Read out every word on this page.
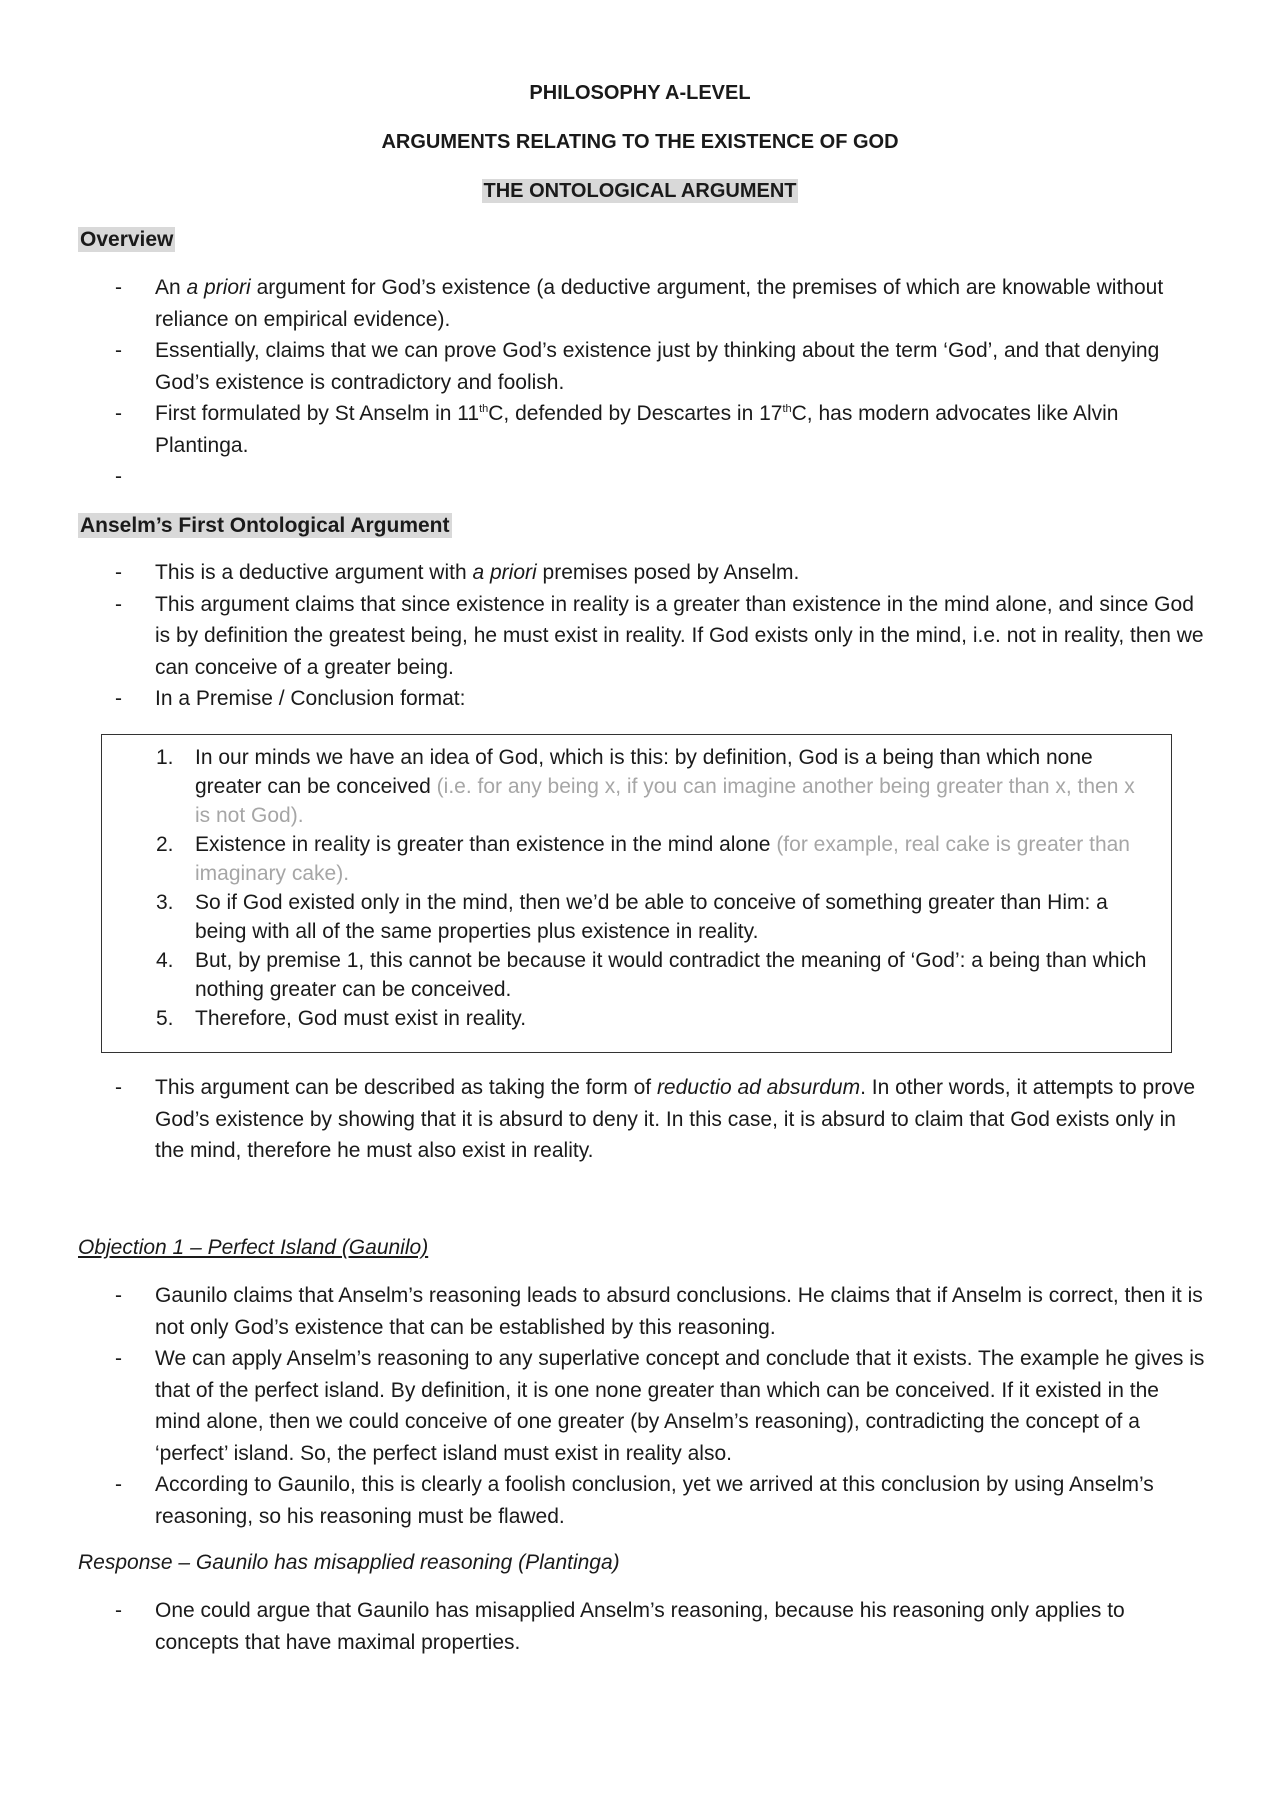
PHILOSOPHY A-LEVEL
ARGUMENTS RELATING TO THE EXISTENCE OF GOD
THE ONTOLOGICAL ARGUMENT
Overview
- An a priori argument for God’s existence (a deductive argument, the premises of which are knowable without reliance on empirical evidence).
- Essentially, claims that we can prove God’s existence just by thinking about the term ‘God’, and that denying God’s existence is contradictory and foolish.
- First formulated by St Anselm in 11thC, defended by Descartes in 17thC, has modern advocates like Alvin Plantinga.
-

Anselm’s First Ontological Argument
- This is a deductive argument with a priori premises posed by Anselm.
- This argument claims that since existence in reality is a greater than existence in the mind alone, and since God is by definition the greatest being, he must exist in reality. If God exists only in the mind, i.e. not in reality, then we can conceive of a greater being.
- In a Premise / Conclusion format:
1. In our minds we have an idea of God, which is this: by definition, God is a being than which none greater can be conceived (i.e. for any being x, if you can imagine another being greater than x, then x is not God).
2. Existence in reality is greater than existence in the mind alone (for example, real cake is greater than imaginary cake).
3. So if God existed only in the mind, then we’d be able to conceive of something greater than Him: a being with all of the same properties plus existence in reality.
4. But, by premise 1, this cannot be because it would contradict the meaning of ‘God’: a being than which nothing greater can be conceived.
5. Therefore, God must exist in reality.
- This argument can be described as taking the form of reductio ad absurdum. In other words, it attempts to prove God’s existence by showing that it is absurd to deny it. In this case, it is absurd to claim that God exists only in the mind, therefore he must also exist in reality.
Objection 1 – Perfect Island (Gaunilo)
- Gaunilo claims that Anselm’s reasoning leads to absurd conclusions. He claims that if Anselm is correct, then it is not only God’s existence that can be established by this reasoning.
- We can apply Anselm’s reasoning to any superlative concept and conclude that it exists. The example he gives is that of the perfect island. By definition, it is one none greater than which can be conceived. If it existed in the mind alone, then we could conceive of one greater (by Anselm’s reasoning), contradicting the concept of a ‘perfect’ island. So, the perfect island must exist in reality also.
- According to Gaunilo, this is clearly a foolish conclusion, yet we arrived at this conclusion by using Anselm’s reasoning, so his reasoning must be flawed.
Response – Gaunilo has misapplied reasoning (Plantinga)
- One could argue that Gaunilo has misapplied Anselm’s reasoning, because his reasoning only applies to concepts that have maximal properties.
